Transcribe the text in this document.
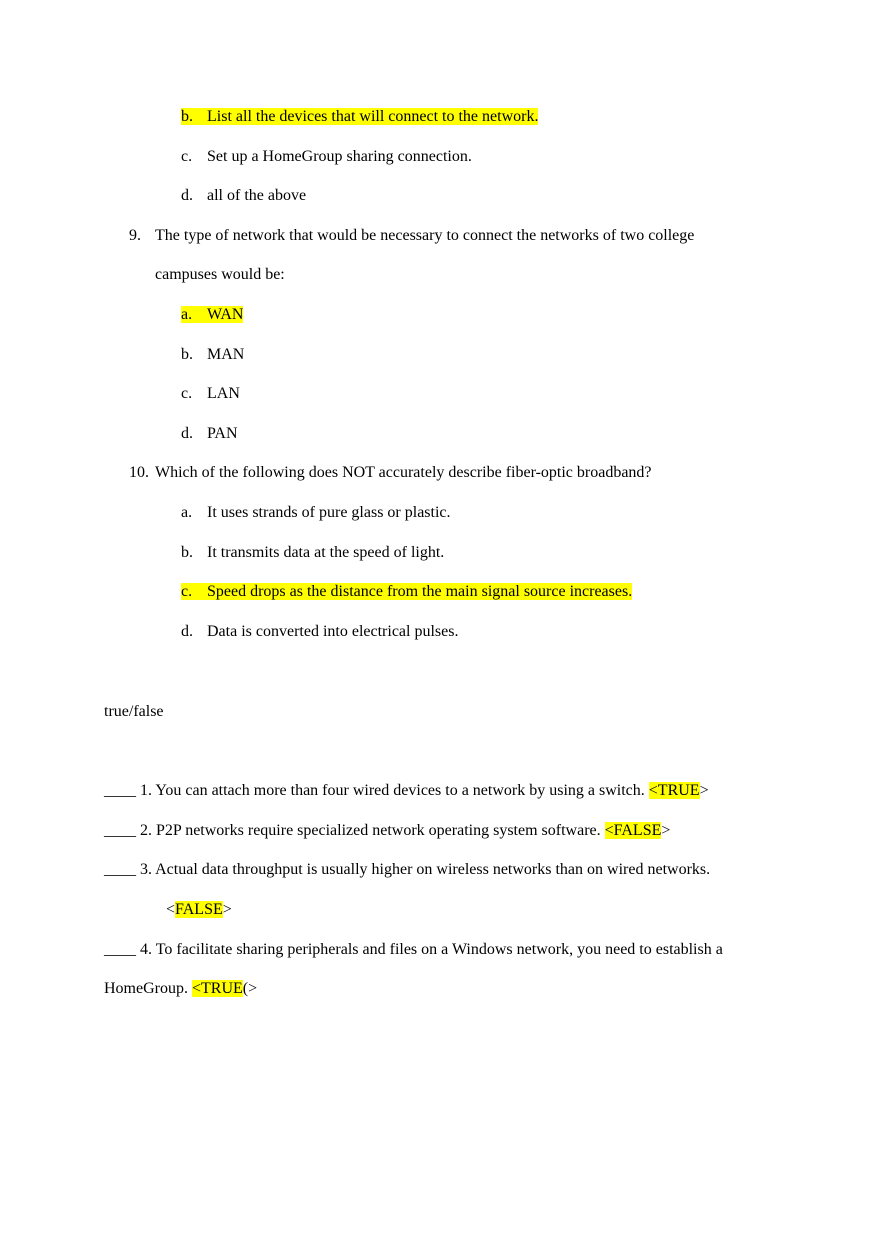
b. List all the devices that will connect to the network.
c. Set up a HomeGroup sharing connection.
d. all of the above
9. The type of network that would be necessary to connect the networks of two college
campuses would be:
a. WAN
b. MAN
c. LAN
d. PAN
10. Which of the following does NOT accurately describe fiber-optic broadband?
a. It uses strands of pure glass or plastic.
b. It transmits data at the speed of light.
c. Speed drops as the distance from the main signal source increases.
d. Data is converted into electrical pulses.
true/false
____ 1. You can attach more than four wired devices to a network by using a switch. <TRUE>
____ 2. P2P networks require specialized network operating system software. <FALSE>
____ 3. Actual data throughput is usually higher on wireless networks than on wired networks.
<FALSE>
____ 4. To facilitate sharing peripherals and files on a Windows network, you need to establish a
HomeGroup. <TRUE(>
